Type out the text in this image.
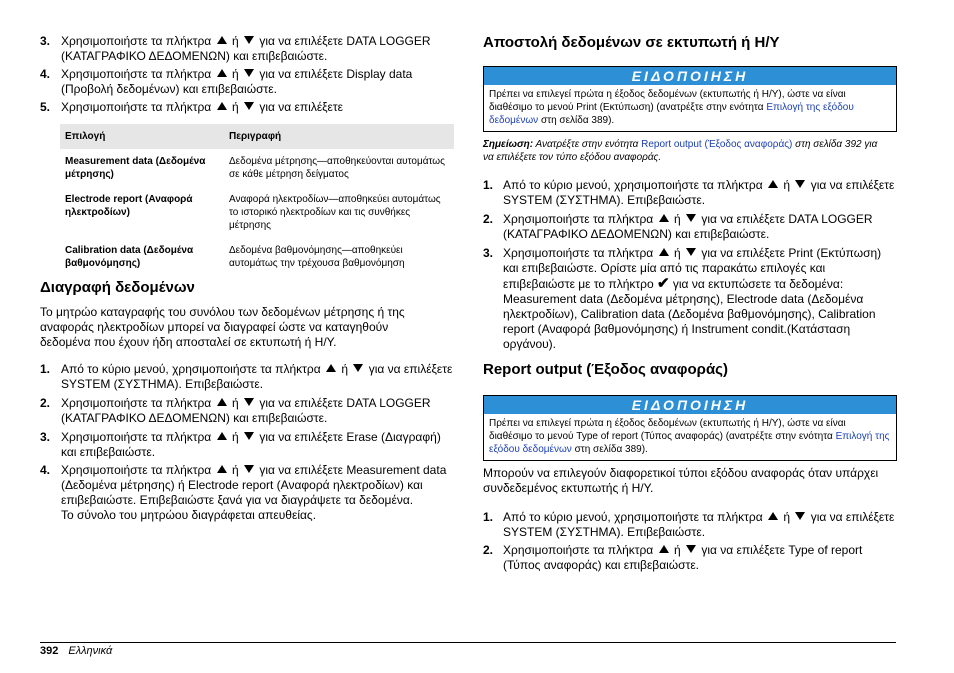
3. Χρησιμοποιήστε τα πλήκτρα ή για να επιλέξετε DATA LOGGER (ΚΑΤΑΓΡΑΦΙΚΟ ΔΕΔΟΜΕΝΩΝ) και επιβεβαιώστε.
4. Χρησιμοποιήστε τα πλήκτρα ή για να επιλέξετε Display data (Προβολή δεδομένων) και επιβεβαιώστε.
5. Χρησιμοποιήστε τα πλήκτρα ή για να επιλέξετε
Επιλογή	Περιγραφή
Measurement data (Δεδομένα μέτρησης)	Δεδομένα μέτρησης—αποθηκεύονται αυτομάτως σε κάθε μέτρηση δείγματος
Electrode report (Αναφορά ηλεκτροδίων)	Αναφορά ηλεκτροδίων—αποθηκεύει αυτομάτως το ιστορικό ηλεκτροδίων και τις συνθήκες μέτρησης
Calibration data (Δεδομένα βαθμονόμησης)	Δεδομένα βαθμονόμησης—αποθηκεύει αυτομάτως την τρέχουσα βαθμονόμηση
Διαγραφή δεδομένων
Το μητρώο καταγραφής του συνόλου των δεδομένων μέτρησης ή της αναφοράς ηλεκτροδίων μπορεί να διαγραφεί ώστε να καταγηθούν δεδομένα που έχουν ήδη αποσταλεί σε εκτυπωτή ή Η/Υ.
1. Από το κύριο μενού, χρησιμοποιήστε τα πλήκτρα ή για να επιλέξετε SYSTEM (ΣΥΣΤΗΜΑ). Επιβεβαιώστε.
2. Χρησιμοποιήστε τα πλήκτρα ή για να επιλέξετε DATA LOGGER (ΚΑΤΑΓΡΑΦΙΚΟ ΔΕΔΟΜΕΝΩΝ) και επιβεβαιώστε.
3. Χρησιμοποιήστε τα πλήκτρα ή για να επιλέξετε Erase (Διαγραφή) και επιβεβαιώστε.
4. Χρησιμοποιήστε τα πλήκτρα ή για να επιλέξετε Measurement data (Δεδομένα μέτρησης) ή Electrode report (Αναφορά ηλεκτροδίων) και επιβεβαιώστε. Επιβεβαιώστε ξανά για να διαγράψετε τα δεδομένα.
Το σύνολο του μητρώου διαγράφεται απευθείας.
Αποστολή δεδομένων σε εκτυπωτή ή Η/Υ
ΕΙΔΟΠΟΙΗΣΗ
Πρέπει να επιλεγεί πρώτα η έξοδος δεδομένων (εκτυπωτής ή Η/Υ), ώστε να είναι διαθέσιμο το μενού Print (Εκτύπωση) (ανατρέξτε στην ενότητα Επιλογή της εξόδου δεδομένων στη σελίδα 389).
Σημείωση: Ανατρέξτε στην ενότητα Report output (Έξοδος αναφοράς) στη σελίδα 392 για να επιλέξετε τον τύπο εξόδου αναφοράς.
1. Από το κύριο μενού, χρησιμοποιήστε τα πλήκτρα ή για να επιλέξετε SYSTEM (ΣΥΣΤΗΜΑ). Επιβεβαιώστε.
2. Χρησιμοποιήστε τα πλήκτρα ή για να επιλέξετε DATA LOGGER (ΚΑΤΑΓΡΑΦΙΚΟ ΔΕΔΟΜΕΝΩΝ) και επιβεβαιώστε.
3. Χρησιμοποιήστε τα πλήκτρα ή για να επιλέξετε Print (Εκτύπωση) και επιβεβαιώστε. Ορίστε μία από τις παρακάτω επιλογές και επιβεβαιώστε με το πλήκτρο ✔ για να εκτυπώσετε τα δεδομένα: Measurement data (Δεδομένα μέτρησης), Electrode data (Δεδομένα ηλεκτροδίων), Calibration data (Δεδομένα βαθμονόμησης), Calibration report (Αναφορά βαθμονόμησης) ή Instrument condit.(Κατάσταση οργάνου).
Report output (Έξοδος αναφοράς)
ΕΙΔΟΠΟΙΗΣΗ
Πρέπει να επιλεγεί πρώτα η έξοδος δεδομένων (εκτυπωτής ή Η/Υ), ώστε να είναι διαθέσιμο το μενού Type of report (Τύπος αναφοράς) (ανατρέξτε στην ενότητα Επιλογή της εξόδου δεδομένων στη σελίδα 389).
Μπορούν να επιλεγούν διαφορετικοί τύποι εξόδου αναφοράς όταν υπάρχει συνδεδεμένος εκτυπωτής ή Η/Υ.
1. Από το κύριο μενού, χρησιμοποιήστε τα πλήκτρα ή για να επιλέξετε SYSTEM (ΣΥΣΤΗΜΑ). Επιβεβαιώστε.
2. Χρησιμοποιήστε τα πλήκτρα ή για να επιλέξετε Type of report (Τύπος αναφοράς) και επιβεβαιώστε.
392 Ελληνικά
